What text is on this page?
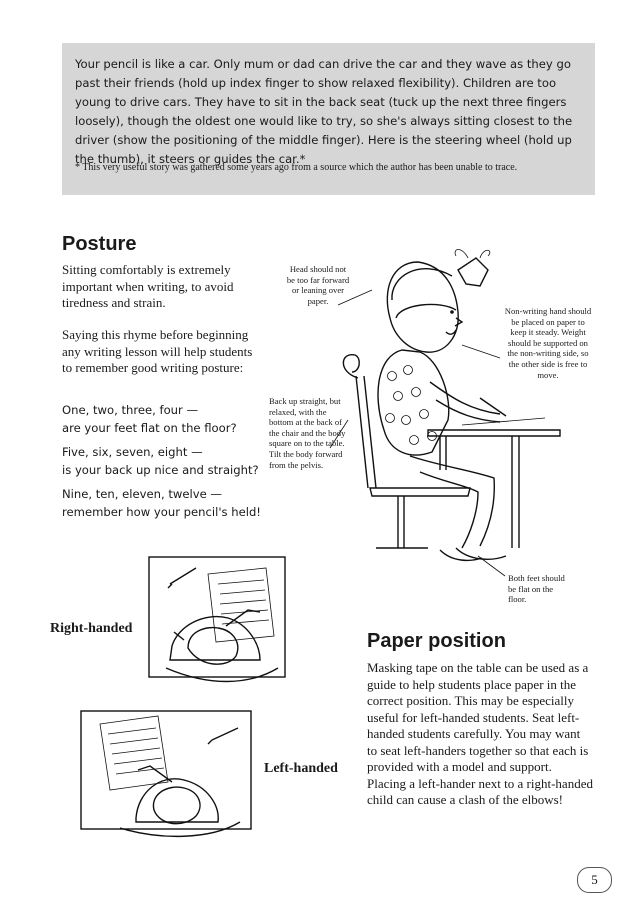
Your pencil is like a car. Only mum or dad can drive the car and they wave as they go past their friends (hold up index finger to show relaxed flexibility). Children are too young to drive cars. They have to sit in the back seat (tuck up the next three fingers loosely), though the oldest one would like to try, so she's always sitting closest to the driver (show the positioning of the middle finger). Here is the steering wheel (hold up the thumb), it steers or guides the car.*
* This very useful story was gathered some years ago from a source which the author has been unable to trace.
Posture
Sitting comfortably is extremely important when writing, to avoid tiredness and strain.
Saying this rhyme before beginning any writing lesson will help students to remember good writing posture:
One, two, three, four —
are your feet flat on the floor?
Five, six, seven, eight —
is your back up nice and straight?
Nine, ten, eleven, twelve —
remember how your pencil's held!
Head should not be too far forward or leaning over paper.
Non-writing hand should be placed on paper to keep it steady. Weight should be supported on the non-writing side, so the other side is free to move.
Back up straight, but relaxed, with the bottom at the back of the chair and the body square on to the table. Tilt the body forward from the pelvis.
Both feet should be flat on the floor.
Right-handed
Left-handed
Paper position
Masking tape on the table can be used as a guide to help students place paper in the correct position. This may be especially useful for left-handed students. Seat left-handed students carefully. You may want to seat left-handers together so that each is provided with a model and support. Placing a left-hander next to a right-handed child can cause a clash of the elbows!
5
